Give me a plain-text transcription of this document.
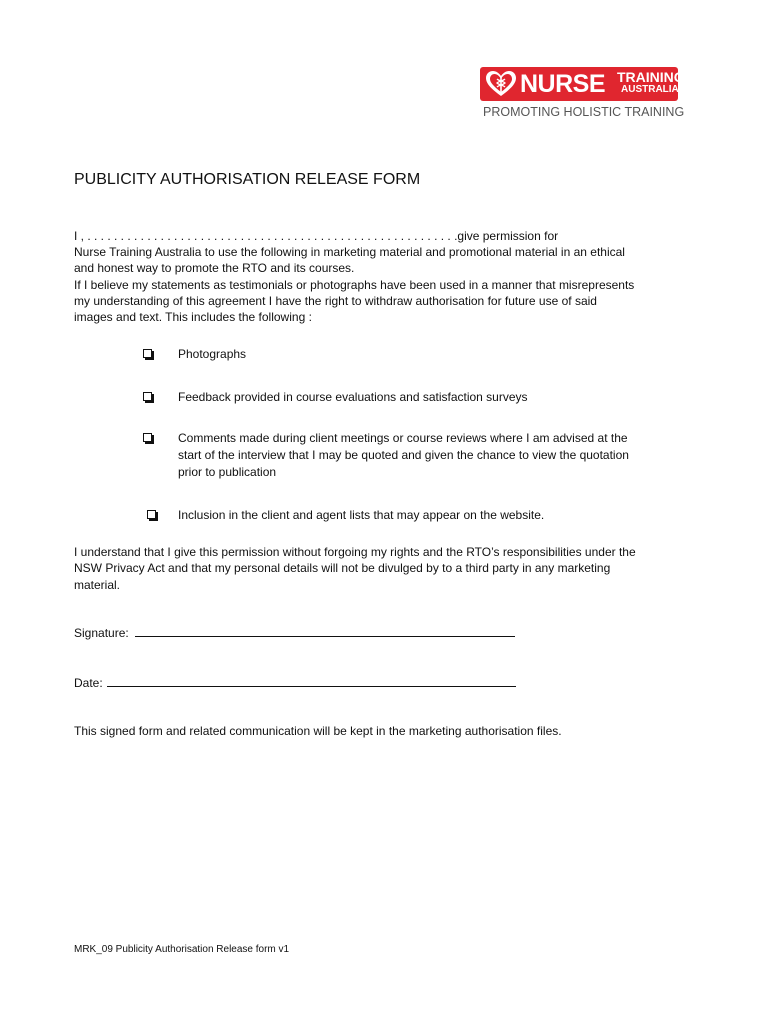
NURSE TRAINING
AUSTRALIA
PROMOTING HOLISTIC TRAINING
PUBLICITY AUTHORISATION RELEASE FORM
I , . . . . . . . . . . . . . . . . . . . . . . . . . . . . . . . . . . . . . . . . . . . . . . . . . . . . . . . .give permission for
Nurse Training Australia to use the following in marketing material and promotional material in an ethical
and honest way to promote the RTO and its courses.
If I believe my statements as testimonials or photographs have been used in a manner that misrepresents
my understanding of this agreement I have the right to withdraw authorisation for future use of said
images and text. This includes the following :
Photographs
Feedback provided in course evaluations and satisfaction surveys
Comments made during client meetings or course reviews where I am advised at the
start of the interview that I may be quoted and given the chance to view the quotation
prior to publication
Inclusion in the client and agent lists that may appear on the website.
I understand that I give this permission without forgoing my rights and the RTO’s responsibilities under the
NSW Privacy Act and that my personal details will not be divulged by to a third party in any marketing
material.
Signature:
Date:
This signed form and related communication will be kept in the marketing authorisation files.
MRK_09 Publicity Authorisation Release form v1
